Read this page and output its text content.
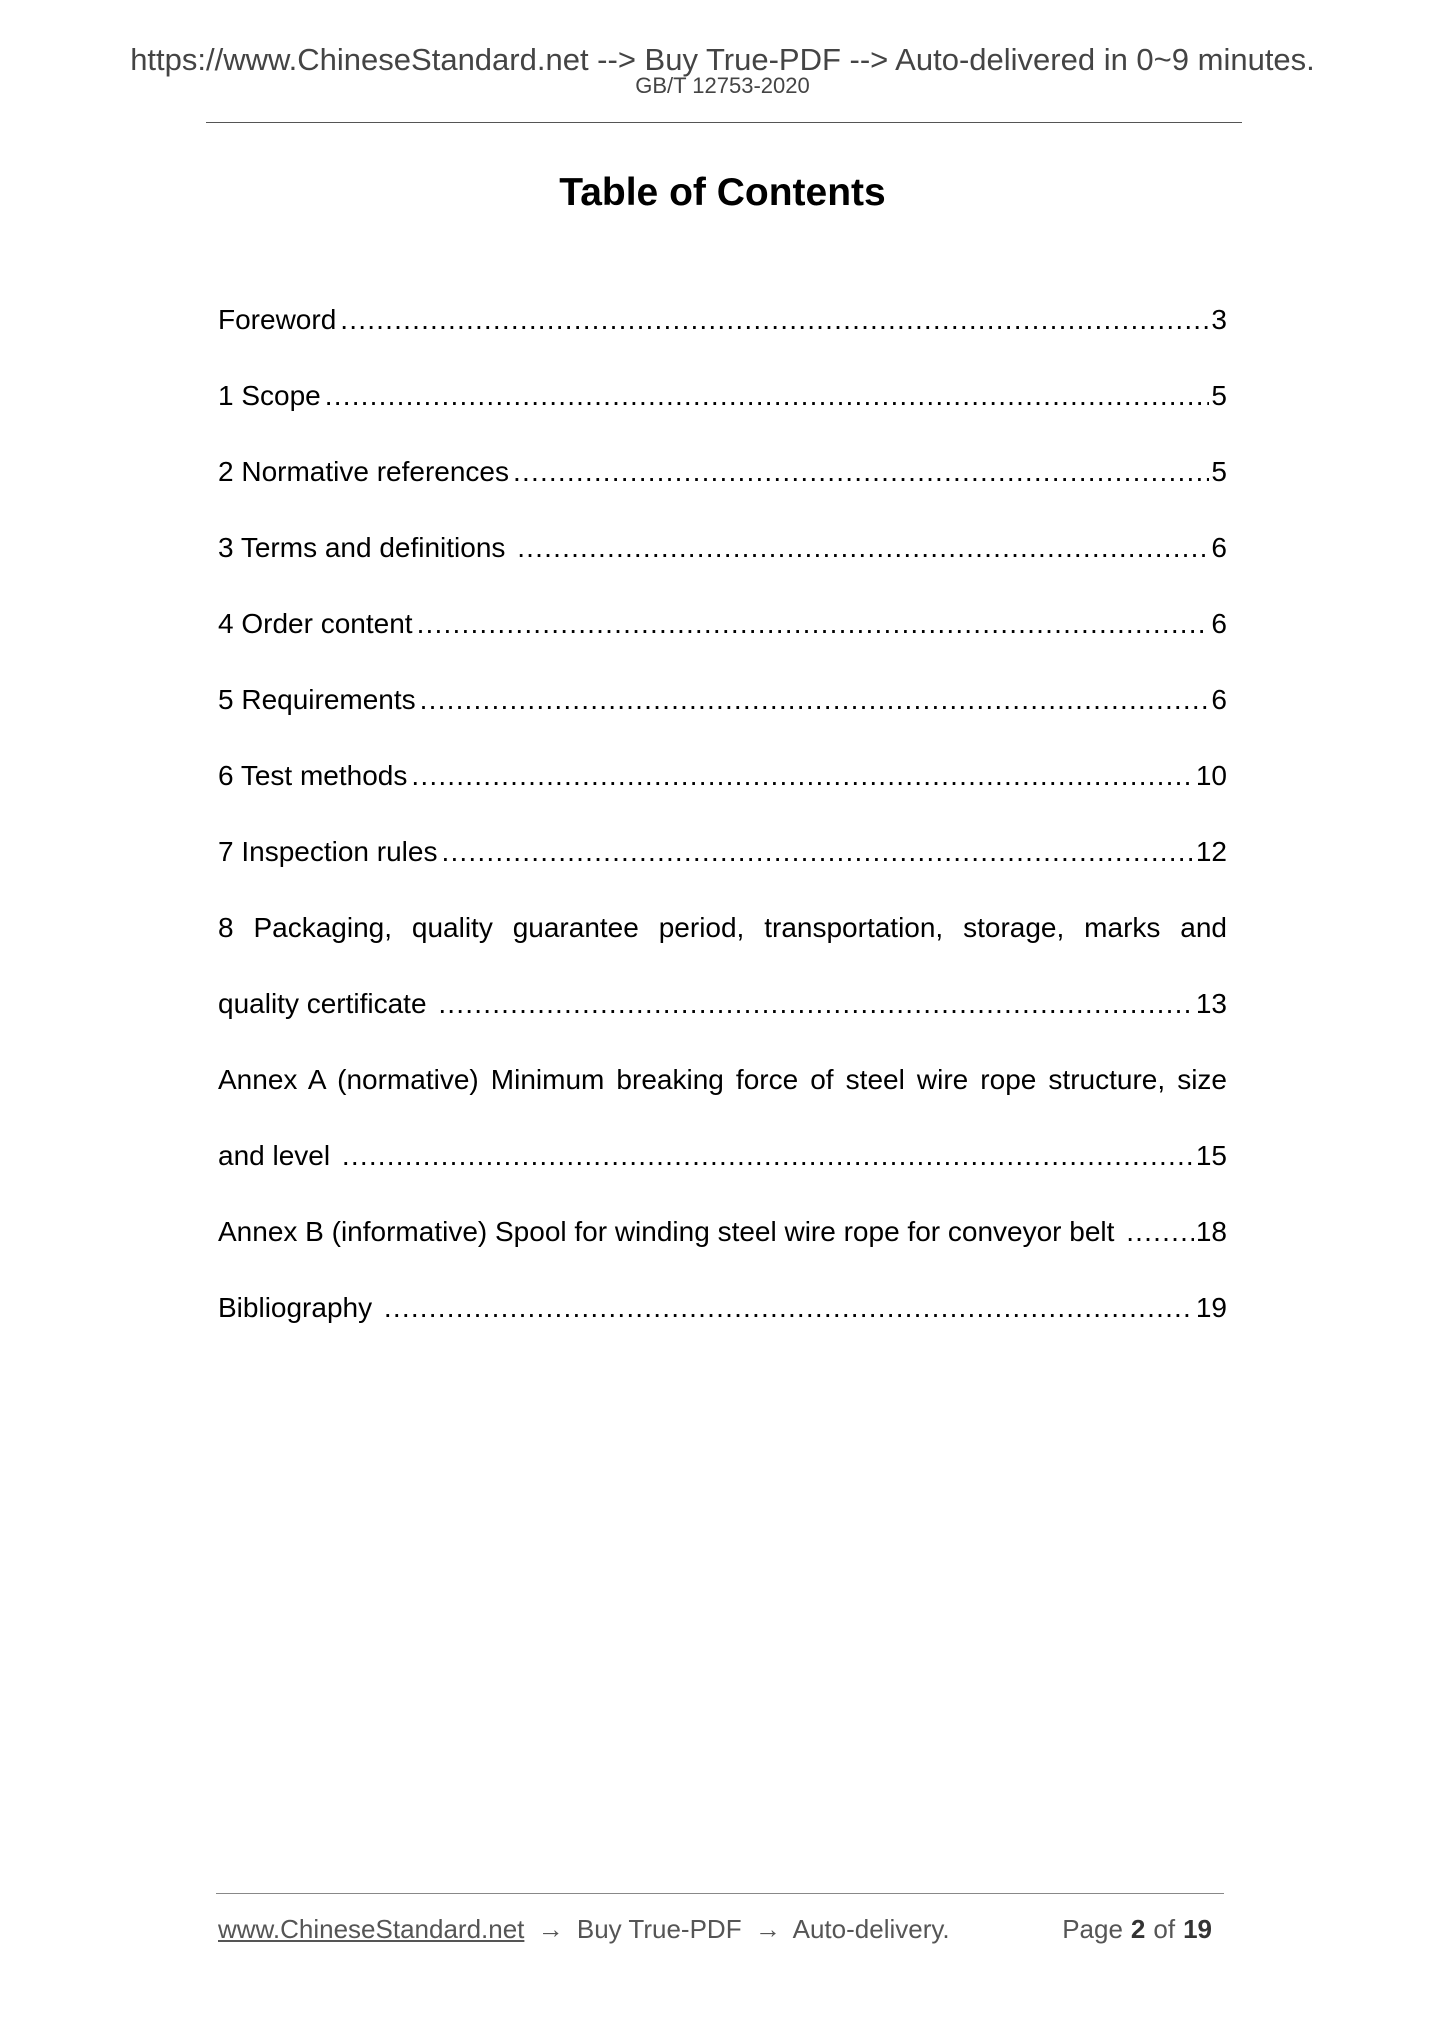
https://www.ChineseStandard.net --> Buy True-PDF --> Auto-delivered in 0~9 minutes.
GB/T 12753-2020
Table of Contents
Foreword .....	3
1 Scope .....	5
2 Normative references .....	5
3 Terms and definitions .....	6
4 Order content .....	6
5 Requirements .....	6
6 Test methods .....	10
7 Inspection rules .....	12
8 Packaging, quality guarantee period, transportation, storage, marks and
quality certificate .....	13
Annex A (normative) Minimum breaking force of steel wire rope structure, size
and level .....	15
Annex B (informative) Spool for winding steel wire rope for conveyor belt .....	18
Bibliography .....	19
www.ChineseStandard.net → Buy True-PDF → Auto-delivery.	Page 2 of 19
